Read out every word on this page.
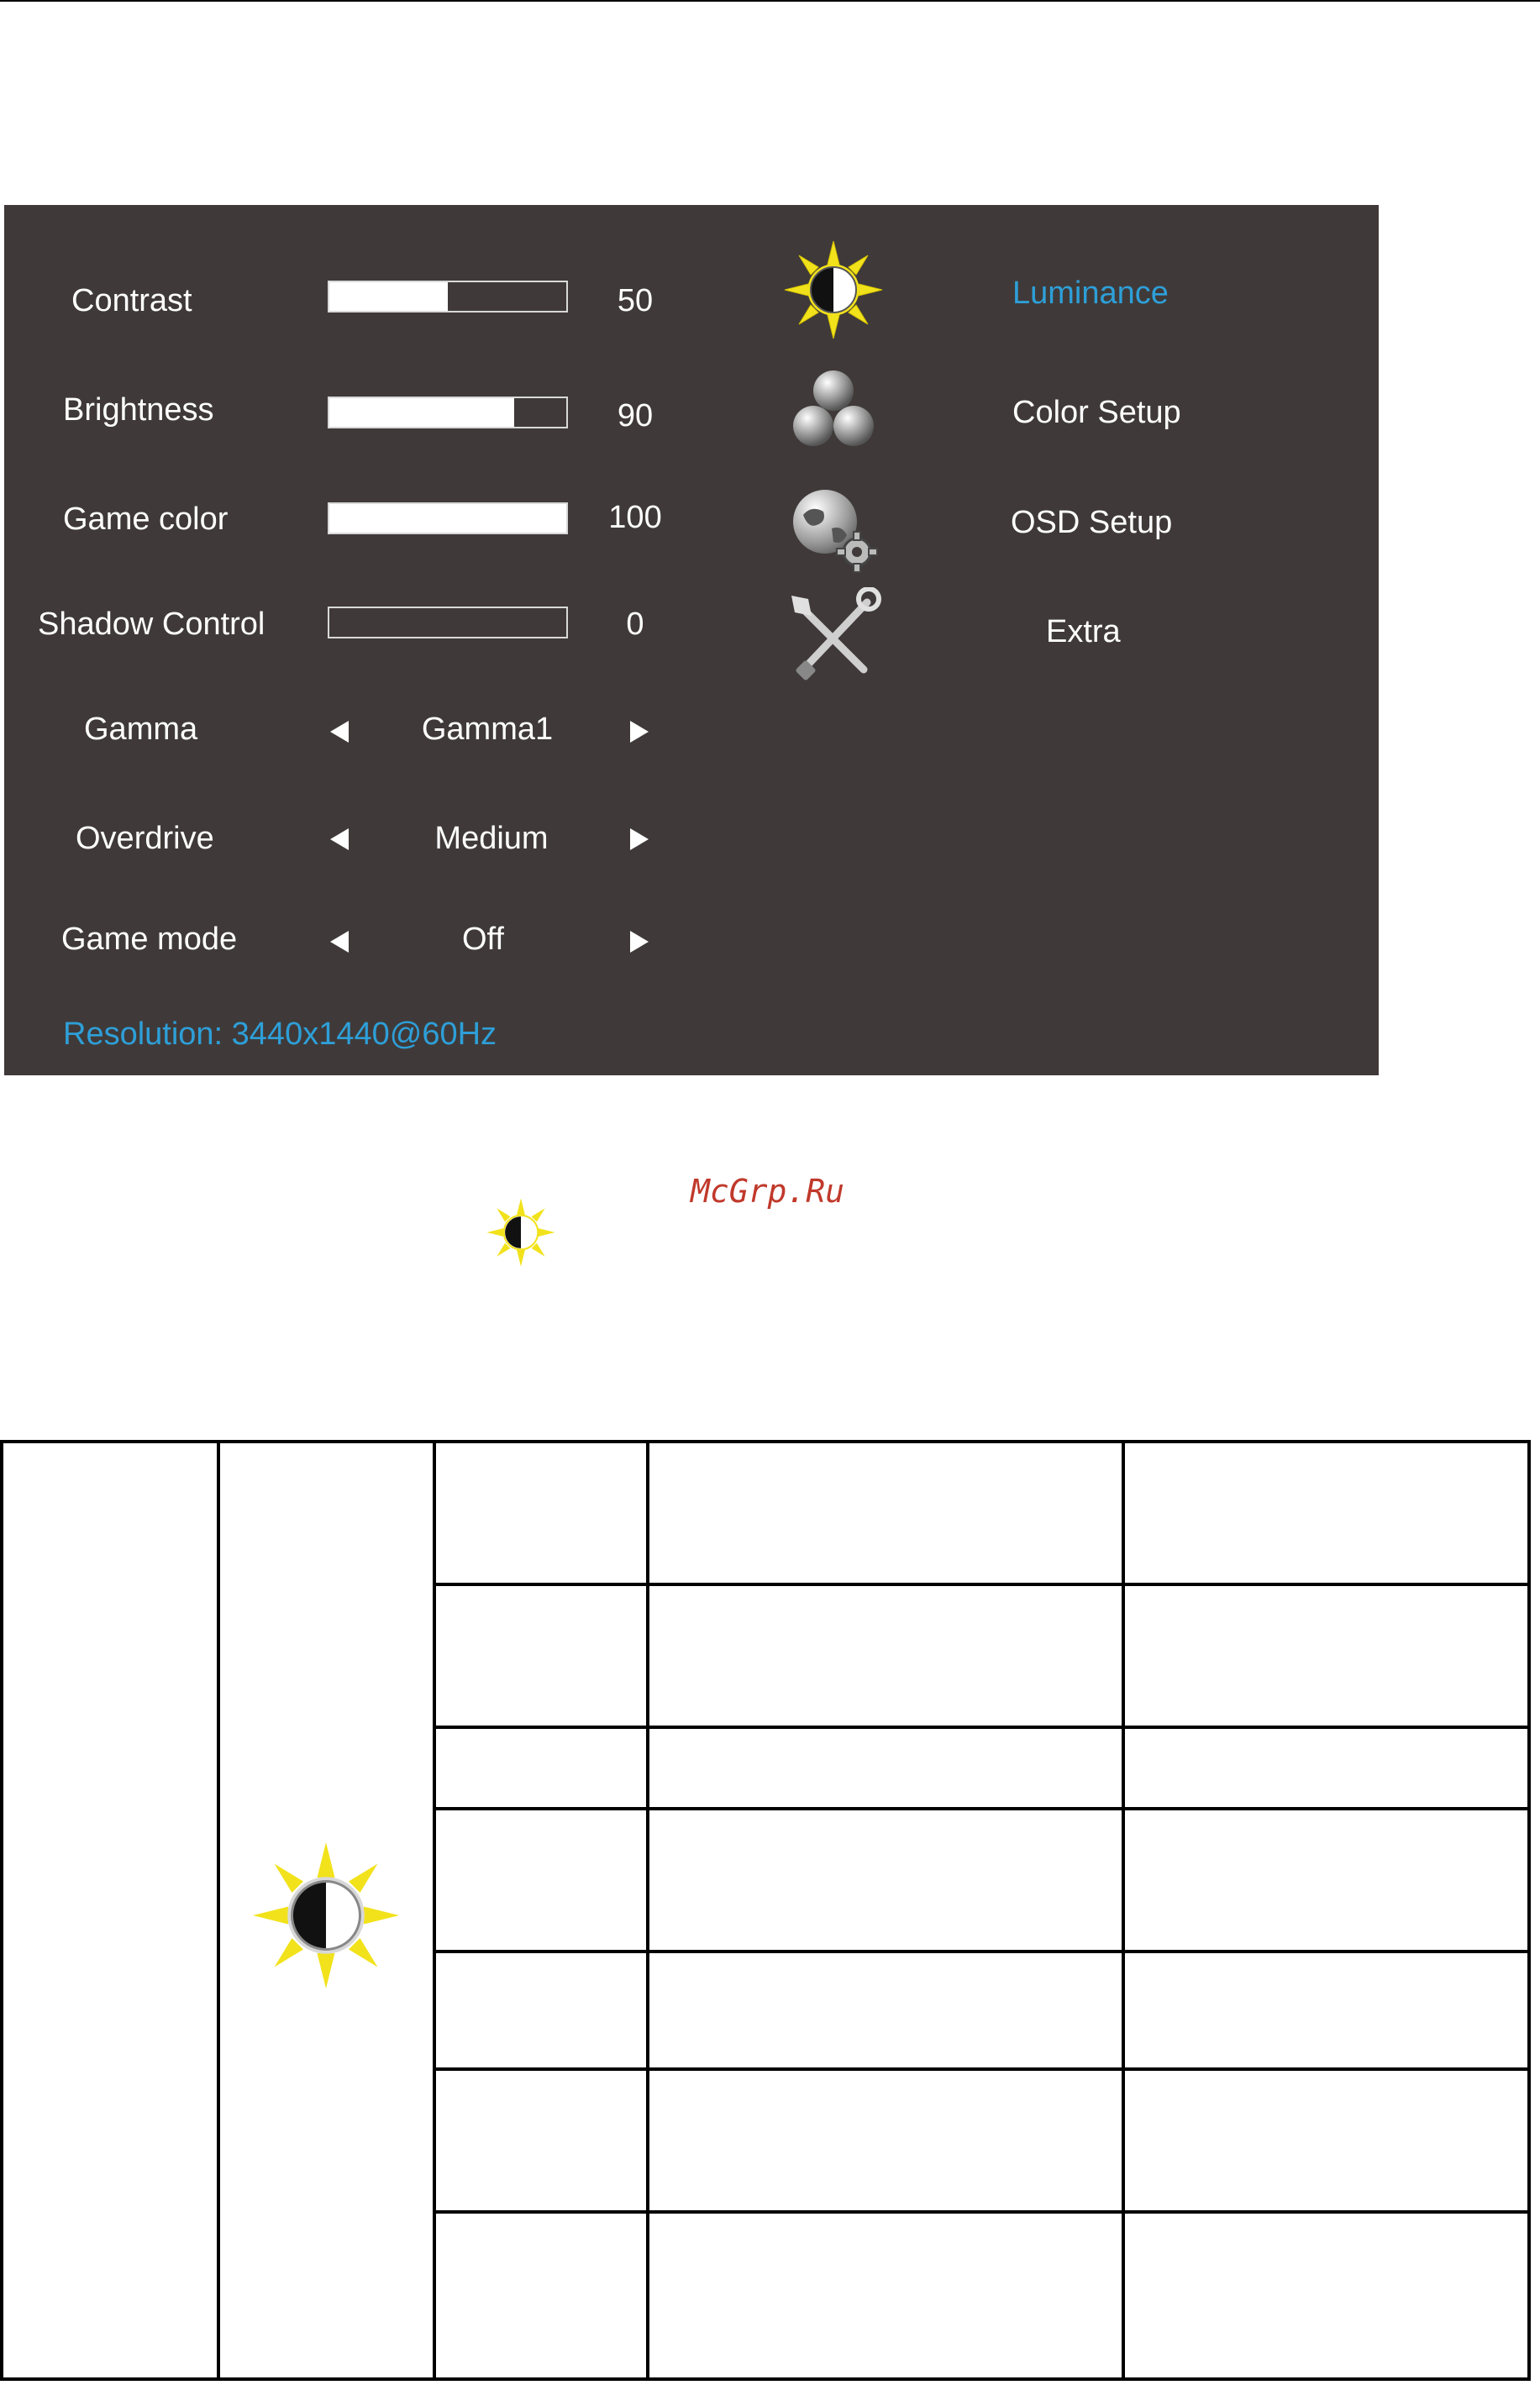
Contrast	50
Brightness	90
Game color	100
Shadow Control	0
Gamma	Gamma1
Overdrive	Medium
Game mode	Off
Resolution: 3440x1440@60Hz
Luminance
Color Setup
OSD Setup
Extra
McGrp.Ru
